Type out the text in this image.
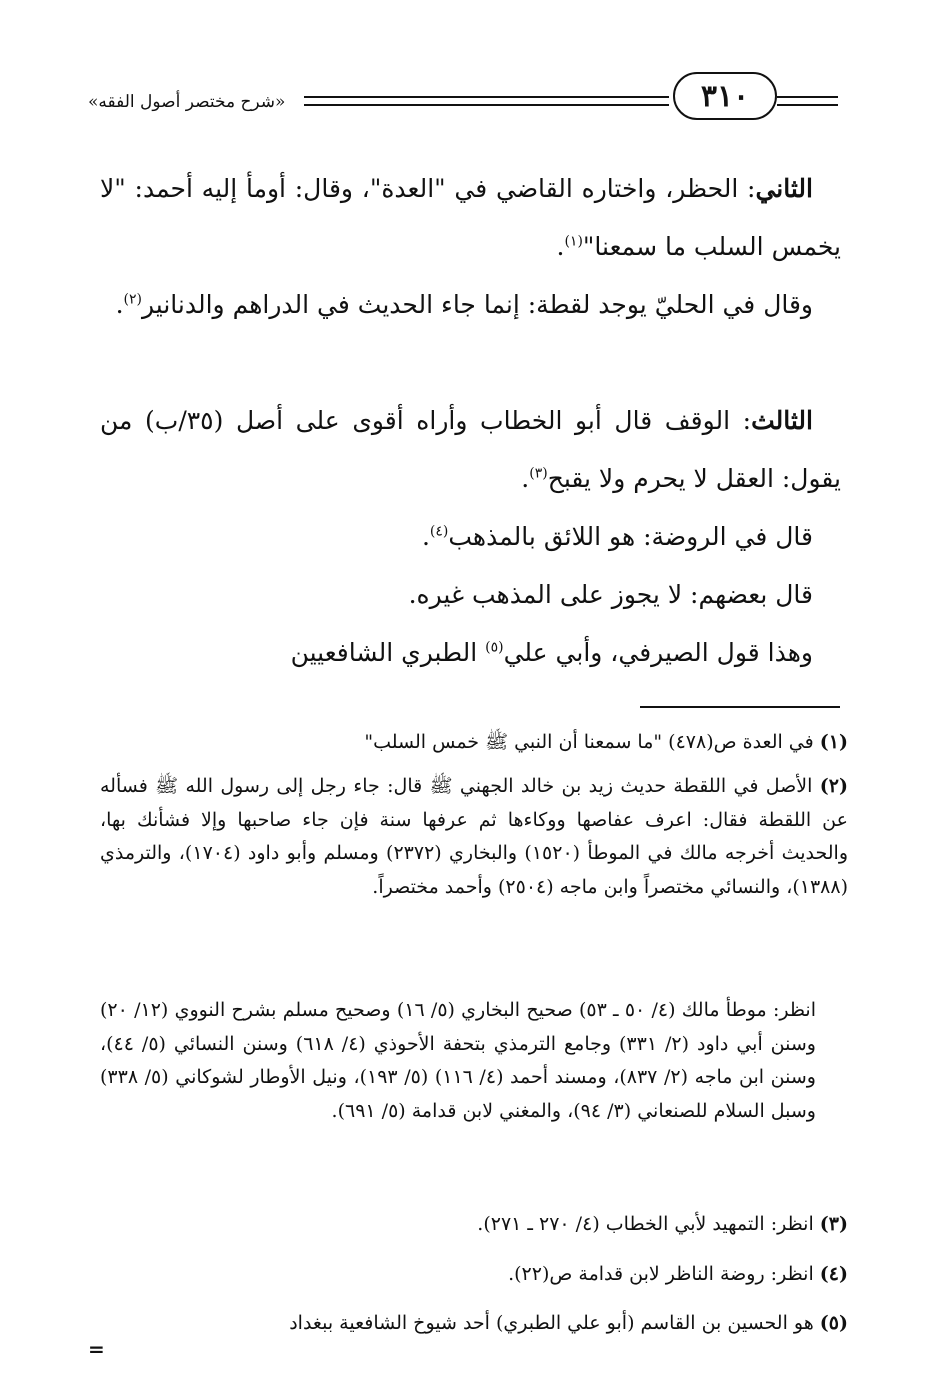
«شرح مختصر أصول الفقه»	٣١٠
الثاني: الحظر، واختاره القاضي في "العدة"، وقال: أومأ إليه أحمد: "لا يخمس السلب ما سمعنا"$^{(١)}$.
وقال في الحليّ يوجد لقطة: إنما جاء الحديث في الدراهم والدنانير$^{(٢)}$.
الثالث: الوقف قال أبو الخطاب وأراه أقوى على أصل (٣٥/ب) من يقول: العقل لا يحرم ولا يقبح$^{(٣)}$.
قال في الروضة: هو اللائق بالمذهب$^{(٤)}$.
قال بعضهم: لا يجوز على المذهب غيره.
وهذا قول الصيرفي، وأبي علي$^{(٥)}$ الطبري الشافعيين
(١) في العدة ص(٤٧٨) "ما سمعنا أن النبي ﷺ خمس السلب"
(٢) الأصل في اللقطة حديث زيد بن خالد الجهني ﷺ قال: جاء رجل إلى رسول الله ﷺ فسأله عن اللقطة فقال: اعرف عفاصها ووكاءها ثم عرفها سنة فإن جاء صاحبها وإلا فشأنك بها، والحديث أخرجه مالك في الموطأ (١٥٢٠) والبخاري (٢٣٧٢) ومسلم وأبو داود (١٧٠٤)، والترمذي (١٣٨٨)، والنسائي مختصراً وابن ماجه (٢٥٠٤) وأحمد مختصراً.
انظر: موطأ مالك (٤/ ٥٠ ـ ٥٣) صحيح البخاري (٥/ ١٦) وصحيح مسلم بشرح النووي (١٢/ ٢٠) وسنن أبي داود (٢/ ٣٣١) وجامع الترمذي بتحفة الأحوذي (٤/ ٦١٨) وسنن النسائي (٥/ ٤٤)، وسنن ابن ماجه (٢/ ٨٣٧)، ومسند أحمد (٤/ ١١٦) (٥/ ١٩٣)، ونيل الأوطار لشوكاني (٥/ ٣٣٨) وسبل السلام للصنعاني (٣/ ٩٤)، والمغني لابن قدامة (٥/ ٦٩١).
(٣) انظر: التمهيد لأبي الخطاب (٤/ ٢٧٠ ـ ٢٧١).
(٤) انظر: روضة الناظر لابن قدامة ص(٢٢).
(٥) هو الحسين بن القاسم (أبو علي الطبري) أحد شيوخ الشافعية ببغداد
=
